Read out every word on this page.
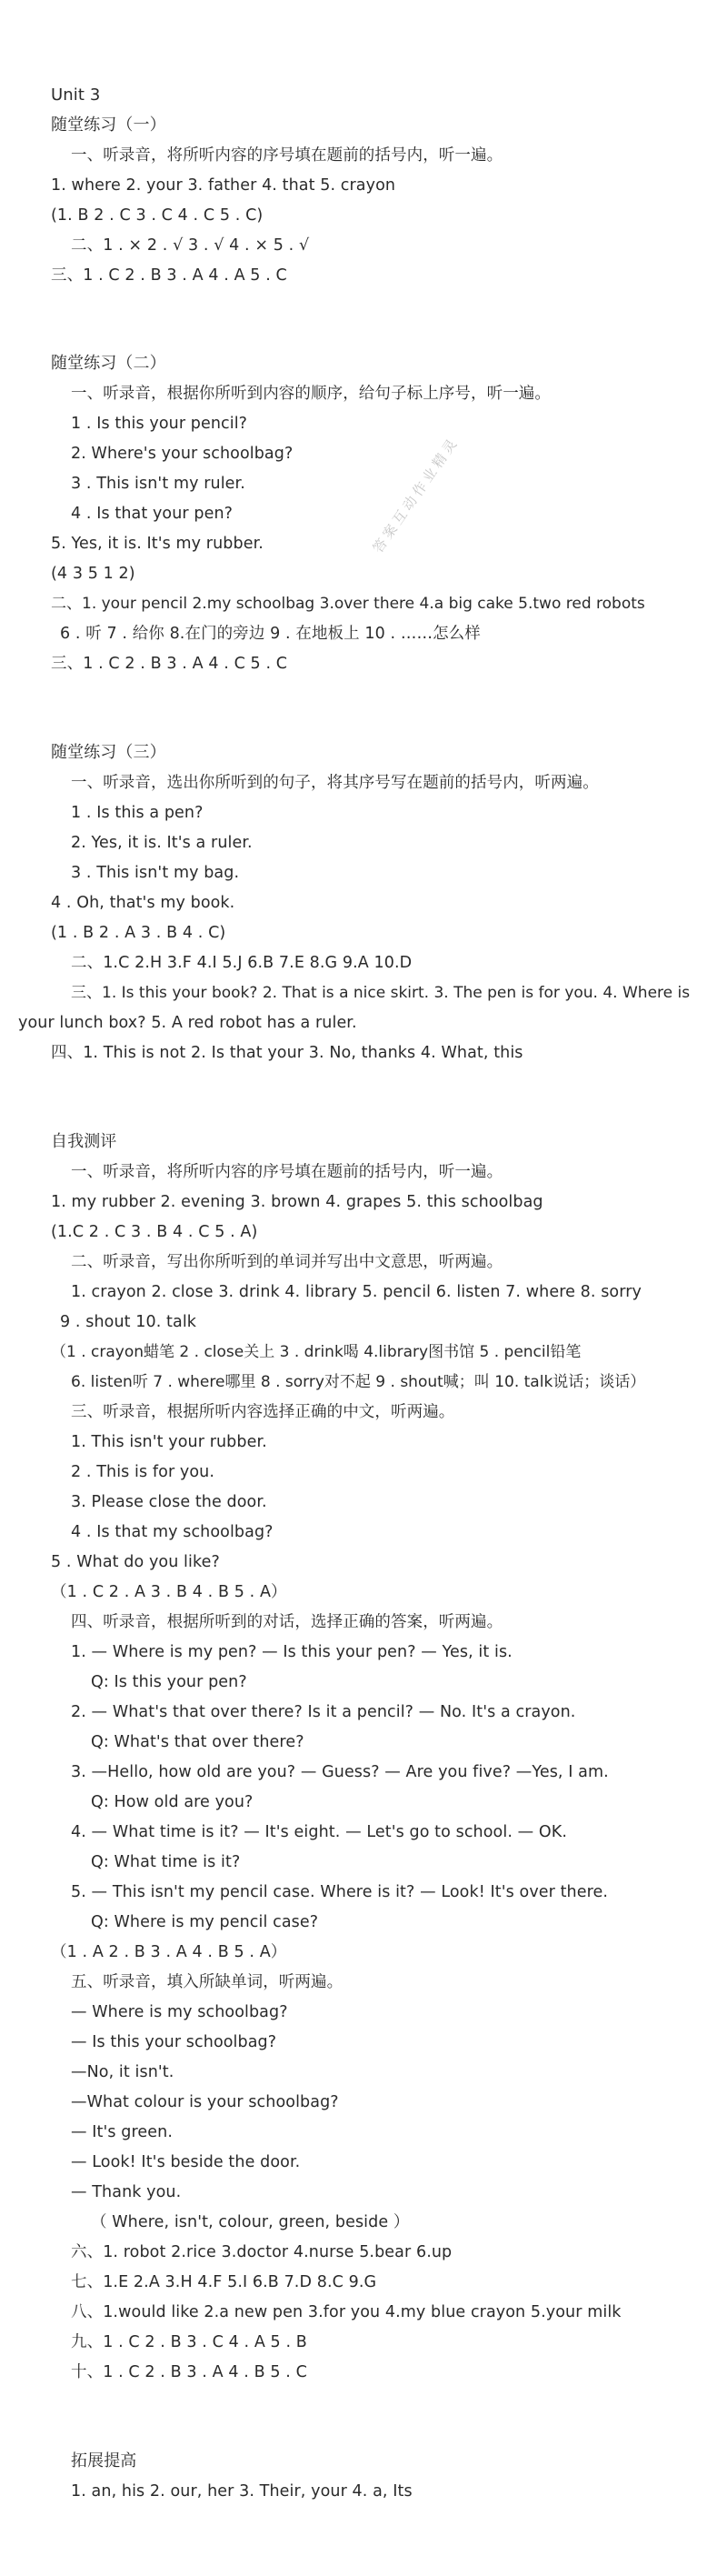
Unit 3
随堂练习（一）
一、听录音，将所听内容的序号填在题前的括号内，听一遍。
1. where 2. your 3. father 4. that 5. crayon
(1. B 2 . C 3 . C 4 . C 5 . C)
二、1 . × 2 . √ 3 . √ 4 . × 5 . √
三、1 . C 2 . B 3 . A 4 . A 5 . C
随堂练习（二）
一、听录音，根据你所听到内容的顺序，给句子标上序号，听一遍。
1 . Is this your pencil?
2. Where's your schoolbag?
3 . This isn't my ruler.
4 . Is that your pen?
5. Yes, it is. It's my rubber.
(4 3 5 1 2)
二、1. your pencil 2.my schoolbag 3.over there 4.a big cake 5.two red robots
6 . 听 7 . 给你 8.在门的旁边 9 . 在地板上 10 . ……怎么样
三、1 . C 2 . B 3 . A 4 . C 5 . C
随堂练习（三）
一、听录音，选出你所听到的句子，将其序号写在题前的括号内，听两遍。
1 . Is this a pen?
2. Yes, it is. It's a ruler.
3 . This isn't my bag.
4 . Oh, that's my book.
(1 . B 2 . A 3 . B 4 . C)
二、1.C 2.H 3.F 4.I 5.J 6.B 7.E 8.G 9.A 10.D
三、1. Is this your book? 2. That is a nice skirt. 3. The pen is for you. 4. Where is
your lunch box? 5. A red robot has a ruler.
四、1. This is not 2. Is that your 3. No, thanks 4. What, this
自我测评
一、听录音，将所听内容的序号填在题前的括号内，听一遍。
1. my rubber 2. evening 3. brown 4. grapes 5. this schoolbag
(1.C 2 . C 3 . B 4 . C 5 . A)
二、听录音，写出你所听到的单词并写出中文意思，听两遍。
1. crayon 2. close 3. drink 4. library 5. pencil 6. listen 7. where 8. sorry
9 . shout 10. talk
（1 . crayon蜡笔 2 . close关上 3 . drink喝 4.library图书馆 5 . pencil铅笔
6. listen听 7 . where哪里 8 . sorry对不起 9 . shout喊；叫 10. talk说话；谈话）
三、听录音，根据所听内容选择正确的中文，听两遍。
1. This isn't your rubber.
2 . This is for you.
3. Please close the door.
4 . Is that my schoolbag?
5 . What do you like?
（1 . C 2 . A 3 . B 4 . B 5 . A）
四、听录音，根据所听到的对话，选择正确的答案，听两遍。
1. — Where is my pen? — Is this your pen? — Yes, it is.
Q: Is this your pen?
2. — What's that over there? Is it a pencil? — No. It's a crayon.
Q: What's that over there?
3. —Hello, how old are you? — Guess? — Are you five? —Yes, I am.
Q: How old are you?
4. — What time is it? — It's eight. — Let's go to school. — OK.
Q: What time is it?
5. — This isn't my pencil case. Where is it? — Look! It's over there.
Q: Where is my pencil case?
（1 . A 2 . B 3 . A 4 . B 5 . A）
五、听录音，填入所缺单词，听两遍。
— Where is my schoolbag?
— Is this your schoolbag?
—No, it isn't.
—What colour is your schoolbag?
— It's green.
— Look! It's beside the door.
— Thank you.
（ Where, isn't, colour, green, beside ）
六、1. robot 2.rice 3.doctor 4.nurse 5.bear 6.up
七、1.E 2.A 3.H 4.F 5.I 6.B 7.D 8.C 9.G
八、1.would like 2.a new pen 3.for you 4.my blue crayon 5.your milk
九、1 . C 2 . B 3 . C 4 . A 5 . B
十、1 . C 2 . B 3 . A 4 . B 5 . C
拓展提高
1. an, his 2. our, her 3. Their, your 4. a, Its
答案互动作业精灵
